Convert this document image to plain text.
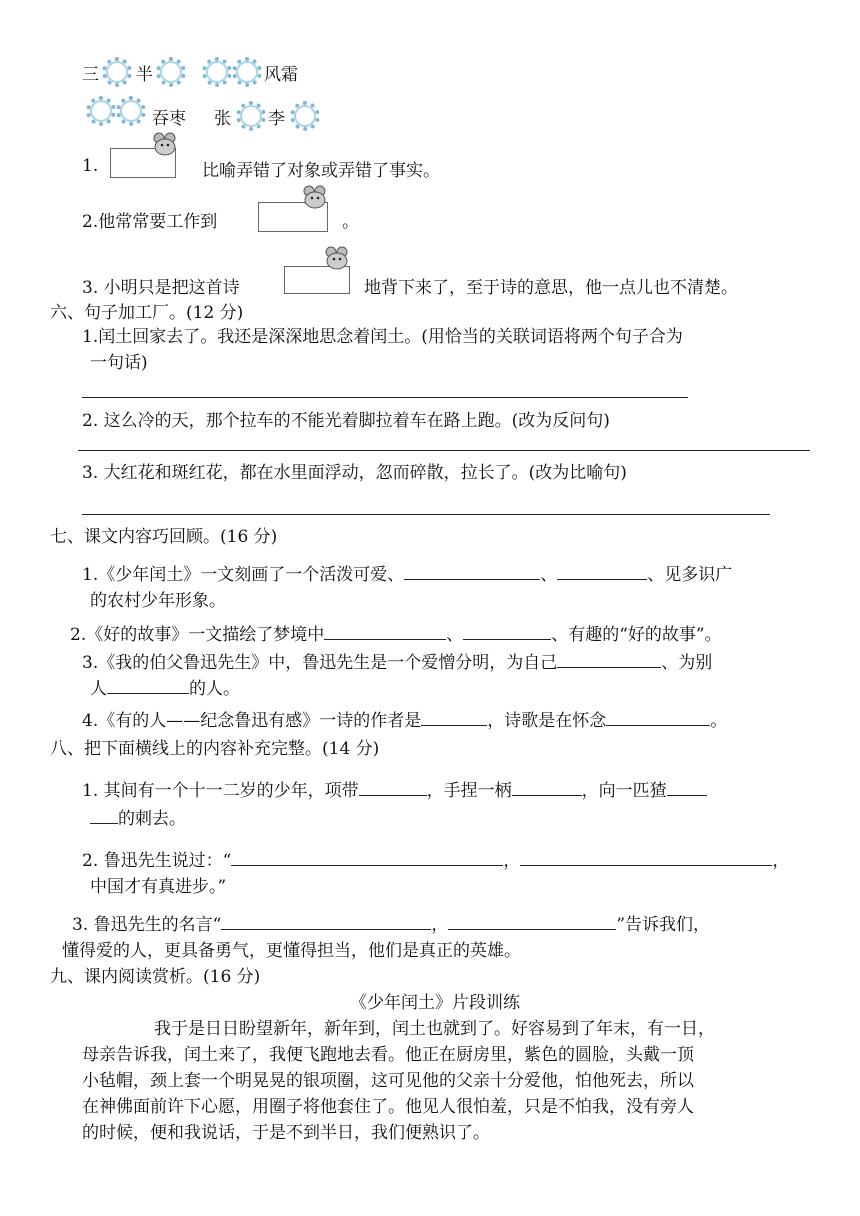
三 半	风霜
吞枣 张 李
1.	比喻弄错了对象或弄错了事实。
2.他常常要工作到	。
3. 小明只是把这首诗	地背下来了，至于诗的意思，他一点儿也不清楚。
六、句子加工厂。(12 分)
1.闰土回家去了。我还是深深地思念着闰土。(用恰当的关联词语将两个句子合为
一句话)
2. 这么冷的天，那个拉车的不能光着脚拉着车在路上跑。(改为反问句)
3. 大红花和斑红花，都在水里面浮动，忽而碎散，拉长了。(改为比喻句)
七、课文内容巧回顾。(16 分)
1.《少年闰土》一文刻画了一个活泼可爱、	、	、见多识广
的农村少年形象。
2.《好的故事》一文描绘了梦境中	、	、有趣的“好的故事”。
3.《我的伯父鲁迅先生》中，鲁迅先生是一个爱憎分明，为自己	、为别
人	的人。
4.《有的人——纪念鲁迅有感》一诗的作者是	，诗歌是在怀念	。
八、把下面横线上的内容补充完整。(14 分)
1. 其间有一个十一二岁的少年，项带	，手捏一柄	，向一匹猹
的刺去。
2. 鲁迅先生说过：“	，	，
中国才有真进步。”
3. 鲁迅先生的名言“	，	”告诉我们，
懂得爱的人，更具备勇气，更懂得担当，他们是真正的英雄。
九、课内阅读赏析。(16 分)
《少年闰土》片段训练
我于是日日盼望新年，新年到，闰土也就到了。好容易到了年末，有一日，
母亲告诉我，闰土来了，我便飞跑地去看。他正在厨房里，紫色的圆脸，头戴一顶
小毡帽，颈上套一个明晃晃的银项圈，这可见他的父亲十分爱他，怕他死去，所以
在神佛面前许下心愿，用圈子将他套住了。他见人很怕羞，只是不怕我，没有旁人
的时候，便和我说话，于是不到半日，我们便熟识了。
